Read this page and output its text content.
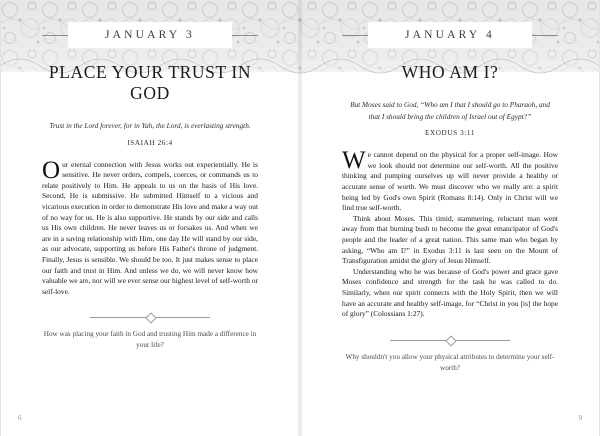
JANUARY 3
PLACE YOUR TRUST IN GOD

Trust in the Lord forever, for in Yah, the Lord, is everlasting strength.

ISAIAH 26:4

Our eternal connection with Jesus works out experientially. He is sensitive. He never orders, compels, coerces, or commands us to relate positively to Him. He appeals to us on the basis of His love. Second, He is submissive. He submitted Himself to a vicious and vicarious execution in order to demonstrate His love and make a way out of no way for us. He is also supportive. He stands by our side and calls us His own children. He never leaves us or forsakes us. And when we are in a saving relationship with Him, one day He will stand by our side, as our advocate, supporting us before His Father's throne of judgment. Finally, Jesus is sensible. We should be too. It just makes sense to place our faith and trust in Him. And unless we do, we will never know how valuable we are, nor will we ever sense our highest level of self-worth or self-love.

How was placing your faith in God and trusting Him made a difference in your life?

6
JANUARY 4
WHO AM I?

But Moses said to God, “Who am I that I should go to Pharaoh, and that I should bring the children of Israel out of Egypt?”

EXODUS 3:11

We cannot depend on the physical for a proper self-image. How we look should not determine our self-worth. All the positive thinking and pumping ourselves up will never provide a healthy or accurate sense of worth. We must discover who we really are: a spirit being led by God's own Spirit (Romans 8:14). Only in Christ will we find true self-worth.

Think about Moses. This timid, stammering, reluctant man went away from that burning bush to become the great emancipator of God's people and the leader of a great nation. This same man who began by asking, “Who am I?” in Exodus 3:11 is last seen on the Mount of Transfiguration amidst the glory of Jesus Himself.

Understanding who he was because of God's power and grace gave Moses confidence and strength for the task he was called to do. Similarly, when our spirit connects with the Holy Spirit, then we will have an accurate and healthy self-image, for “Christ in you [is] the hope of glory” (Colossians 1:27).

Why shouldn't you allow your physical attributes to determine your self-worth?

9
